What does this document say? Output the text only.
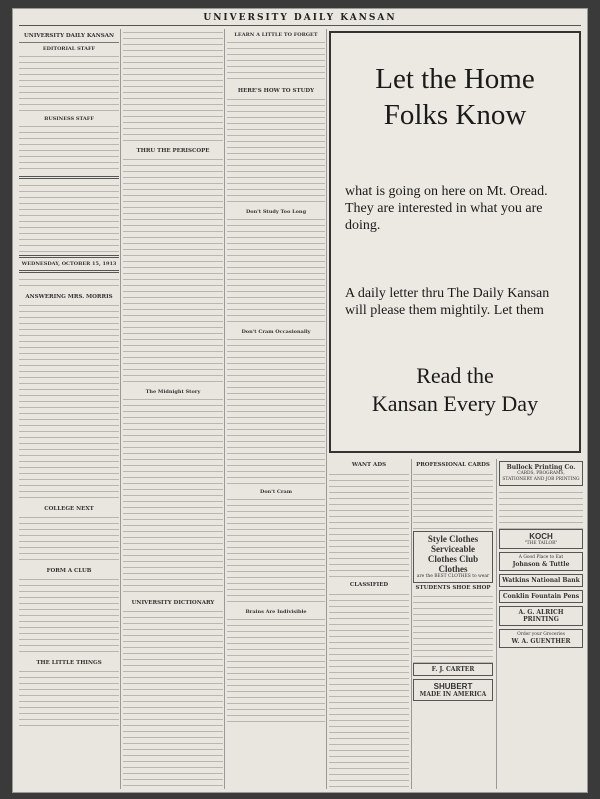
UNIVERSITY DAILY KANSAN
UNIVERSITY DAILY KANSAN
EDITORIAL STAFF
BUSINESS STAFF
WEDNESDAY, OCTOBER 15, 1913
ANSWERING MRS. MORRIS
COLLEGE NEXT
FORM A CLUB
THE LITTLE THINGS
THRU THE PERISCOPE
The Midnight Story
UNIVERSITY DICTIONARY
LEARN A LITTLE TO FORGET
HERE'S HOW TO STUDY
Don't Study Too Long
Don't Cram Occasionally
Don't Cram
Brains Are Indivisible
Let the Home
Folks Know
what is going on here on Mt. Oread. They are interested in what you are doing.
A daily letter thru The Daily Kansan will please them mightily. Let them
Read the
Kansan Every Day
WANT ADS
CLASSIFIED
PROFESSIONAL CARDS
Style Clothes Serviceable Clothes Club Clothes
are the BEST CLOTHES to wear
STUDENTS SHOE SHOP
F. J. CARTER
SHUBERT
MADE IN AMERICA
Bullock Printing Co.
CARDS, PROGRAMS, STATIONERY AND JOB PRINTING
KOCH
"THE TAILOR"
A Good Place to Eat
Johnson & Tuttle
Watkins National Bank
Conklin Fountain Pens
A. G. ALRICH
PRINTING
Order your Groceries
W. A. GUENTHER
